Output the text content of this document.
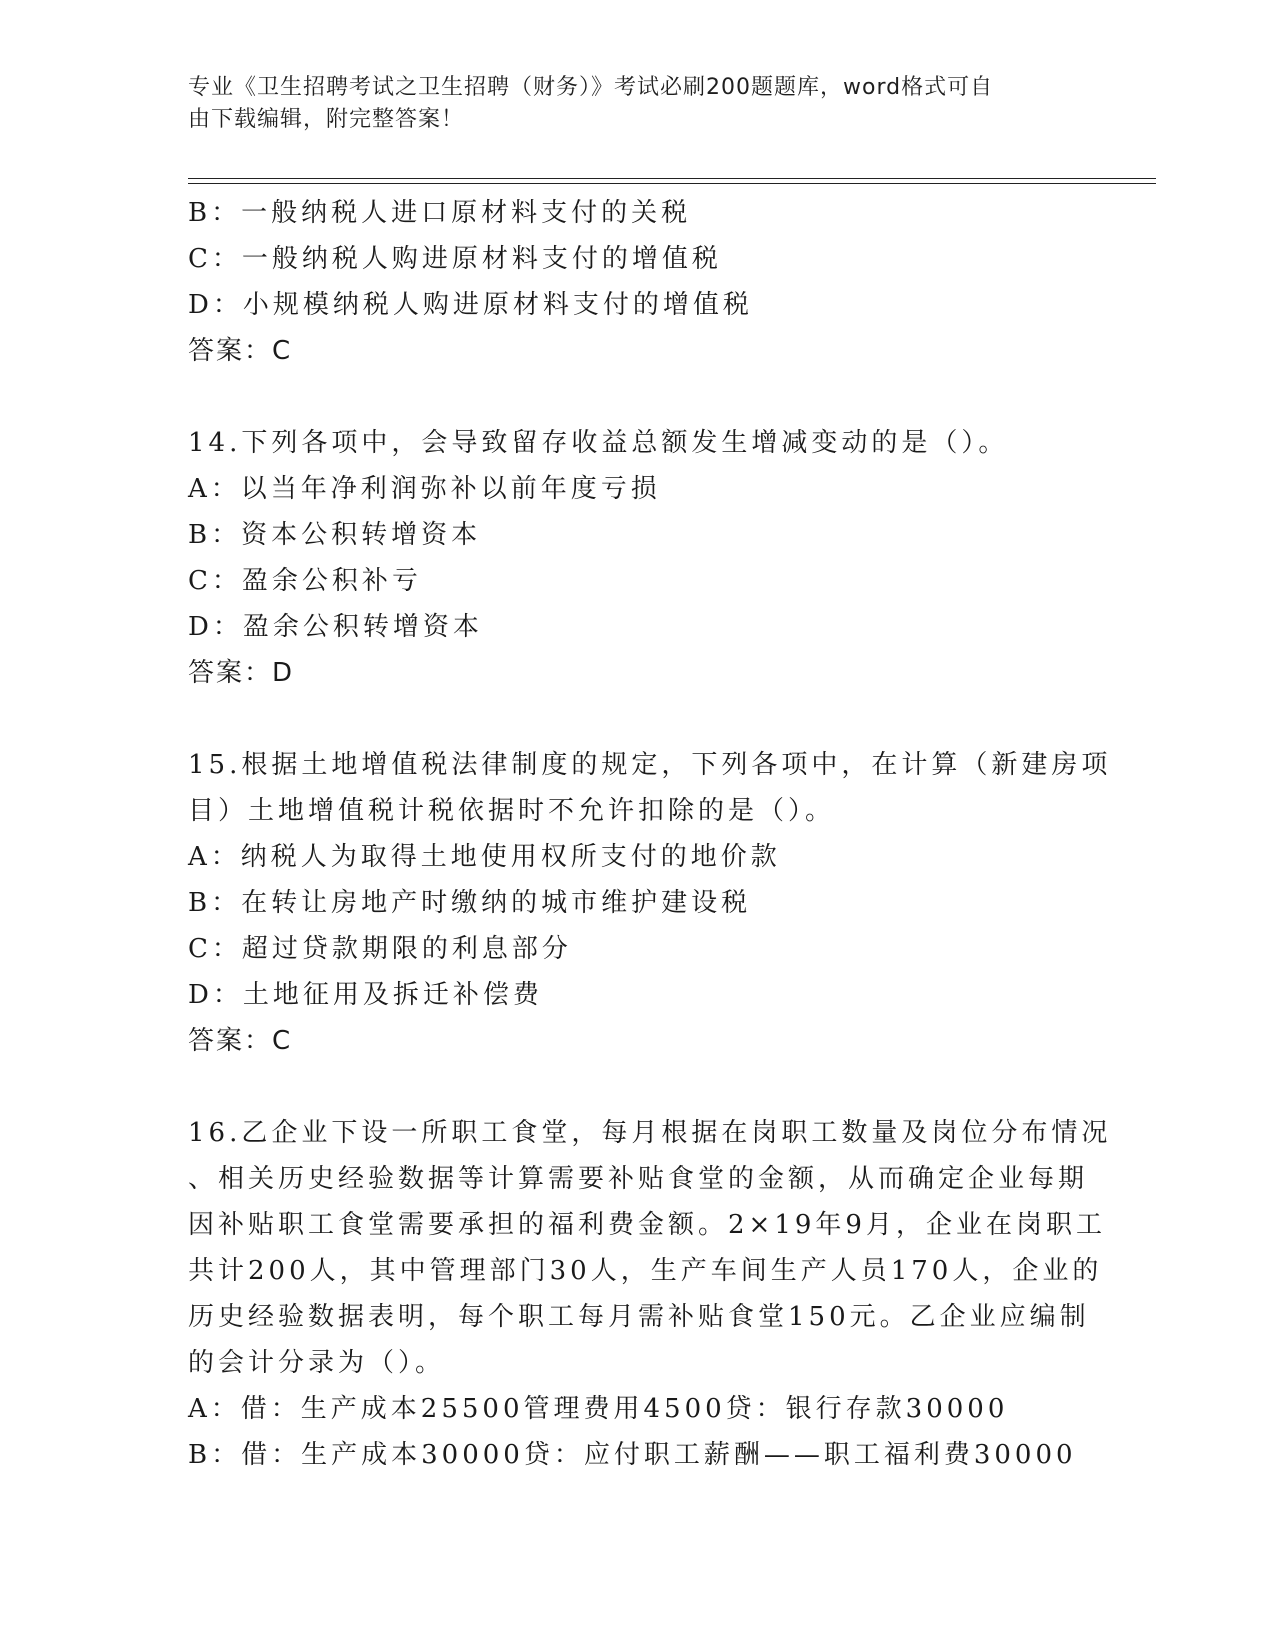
专业《卫生招聘考试之卫生招聘（财务）》考试必刷200题题库，word格式可自
由下载编辑，附完整答案！
B：一般纳税人进口原材料支付的关税
C：一般纳税人购进原材料支付的增值税
D：小规模纳税人购进原材料支付的增值税
答案：C
14.下列各项中，会导致留存收益总额发生增减变动的是（）。
A：以当年净利润弥补以前年度亏损
B：资本公积转增资本
C：盈余公积补亏
D：盈余公积转增资本
答案：D
15.根据土地增值税法律制度的规定，下列各项中，在计算（新建房项
目）土地增值税计税依据时不允许扣除的是（）。
A：纳税人为取得土地使用权所支付的地价款
B：在转让房地产时缴纳的城市维护建设税
C：超过贷款期限的利息部分
D：土地征用及拆迁补偿费
答案：C
16.乙企业下设一所职工食堂，每月根据在岗职工数量及岗位分布情况
、相关历史经验数据等计算需要补贴食堂的金额，从而确定企业每期
因补贴职工食堂需要承担的福利费金额。2×19年9月，企业在岗职工
共计200人，其中管理部门30人，生产车间生产人员170人，企业的
历史经验数据表明，每个职工每月需补贴食堂150元。乙企业应编制
的会计分录为（）。
A：借：生产成本25500管理费用4500贷：银行存款30000
B：借：生产成本30000贷：应付职工薪酬——职工福利费30000
